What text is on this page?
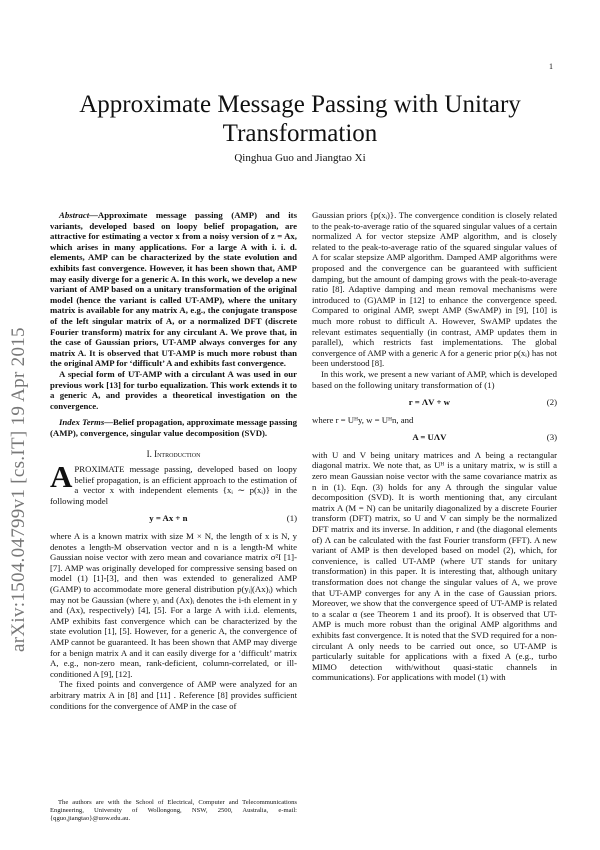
1
arXiv:1504.04799v1 [cs.IT] 19 Apr 2015
Approximate Message Passing with Unitary Transformation
Qinghua Guo and Jiangtao Xi

Abstract—Approximate message passing (AMP) and its variants, developed based on loopy belief propagation, are attractive for estimating a vector x from a noisy version of z = Ax, which arises in many applications. For a large A with i. i. d. elements, AMP can be characterized by the state evolution and exhibits fast convergence. However, it has been shown that, AMP may easily diverge for a generic A. In this work, we develop a new variant of AMP based on a unitary transformation of the original model (hence the variant is called UT-AMP), where the unitary matrix is available for any matrix A, e.g., the conjugate transpose of the left singular matrix of A, or a normalized DFT (discrete Fourier transform) matrix for any circulant A. We prove that, in the case of Gaussian priors, UT-AMP always converges for any matrix A. It is observed that UT-AMP is much more robust than the original AMP for ‘difficult’ A and exhibits fast convergence.

A special form of UT-AMP with a circulant A was used in our previous work [13] for turbo equalization. This work extends it to a generic A, and provides a theoretical investigation on the convergence.

Index Terms—Belief propagation, approximate message passing (AMP), convergence, singular value decomposition (SVD).

I. Introduction

APROXIMATE message passing, developed based on loopy belief propagation, is an efficient approach to the estimation of a vector x with independent elements {xᵢ ∼ p(xᵢ)} in the following model

y = Ax + n	(1)

where A is a known matrix with size M × N, the length of x is N, y denotes a length-M observation vector and n is a length-M white Gaussian noise vector with zero mean and covariance matrix σ²I [1]-[7]. AMP was originally developed for compressive sensing based on model (1) [1]-[3], and then was extended to generalized AMP (GAMP) to accommodate more general distribution p(yᵢ|(Ax)ᵢ) which may not be Gaussian (where yᵢ and (Ax)ᵢ denotes the i-th element in y and (Ax), respectively) [4], [5]. For a large A with i.i.d. elements, AMP exhibits fast convergence which can be characterized by the state evolution [1], [5]. However, for a generic A, the convergence of AMP cannot be guaranteed. It has been shown that AMP may diverge for a benign matrix A and it can easily diverge for a ‘difficult’ matrix A, e.g., non-zero mean, rank-deficient, column-correlated, or ill-conditioned A [9], [12].

The fixed points and convergence of AMP were analyzed for an arbitrary matrix A in [8] and [11] . Reference [8] provides sufficient conditions for the convergence of AMP in the case of

The authors are with the School of Electrical, Computer and Telecommunications Engineering, University of Wollongong, NSW, 2500, Australia, e-mail: {qguo,jiangtao}@uow.edu.au.

Gaussian priors {p(xᵢ)}. The convergence condition is closely related to the peak-to-average ratio of the squared singular values of a certain normalized A for vector stepsize AMP algorithm, and is closely related to the peak-to-average ratio of the squared singular values of A for scalar stepsize AMP algorithm. Damped AMP algorithms were proposed and the convergence can be guaranteed with sufficient damping, but the amount of damping grows with the peak-to-average ratio [8]. Adaptive damping and mean removal mechanisms were introduced to (G)AMP in [12] to enhance the convergence speed. Compared to original AMP, swept AMP (SwAMP) in [9], [10] is much more robust to difficult A. However, SwAMP updates the relevant estimates sequentially (in contrast, AMP updates them in parallel), which restricts fast implementations. The global convergence of AMP with a generic A for a generic prior p(xᵢ) has not been understood [8].

In this work, we present a new variant of AMP, which is developed based on the following unitary transformation of (1)

r = ΛV + w	(2)

where r = Uᴴy, w = Uᴴn, and

A = UΛV	(3)

with U and V being unitary matrices and Λ being a rectangular diagonal matrix. We note that, as Uᴴ is a unitary matrix, w is still a zero mean Gaussian noise vector with the same covariance matrix as n in (1). Eqn. (3) holds for any A through the singular value decomposition (SVD). It is worth mentioning that, any circulant matrix A (M = N) can be unitarily diagonalized by a discrete Fourier transform (DFT) matrix, so U and V can simply be the normalized DFT matrix and its inverse. In addition, r and (the diagonal elements of) Λ can be calculated with the fast Fourier transform (FFT). A new variant of AMP is then developed based on model (2), which, for convenience, is called UT-AMP (where UT stands for unitary transformation) in this paper. It is interesting that, although unitary transformation does not change the singular values of A, we prove that UT-AMP converges for any A in the case of Gaussian priors. Moreover, we show that the convergence speed of UT-AMP is related to a scalar α (see Theorem 1 and its proof). It is observed that UT-AMP is much more robust than the original AMP algorithms and exhibits fast convergence. It is noted that the SVD required for a non-circulant A only needs to be carried out once, so UT-AMP is particularly suitable for applications with a fixed A (e.g., turbo MIMO detection with/without quasi-static channels in communications). For applications with model (1) with
